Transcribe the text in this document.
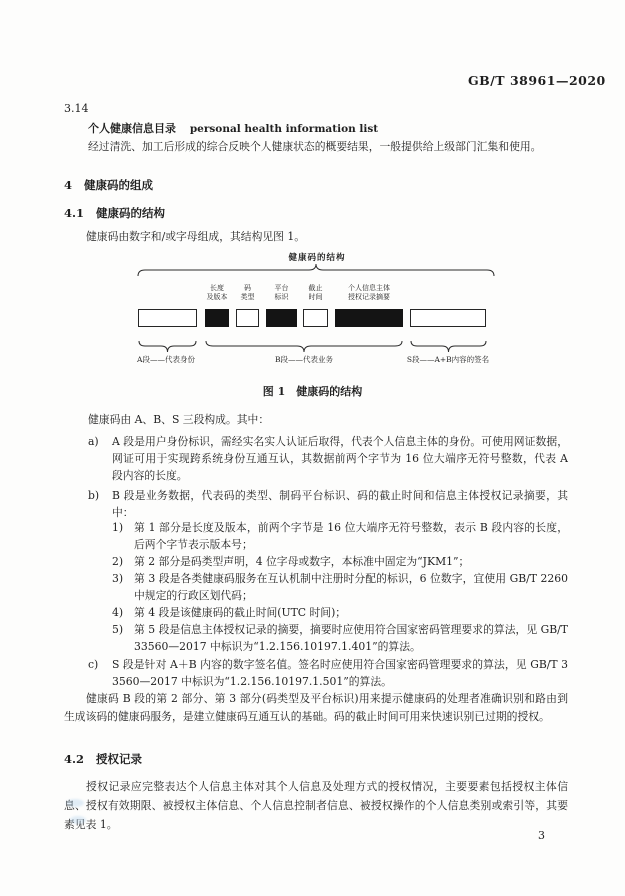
GB/T 38961—2020
3.14
个人健康信息目录 personal health information list
经过清洗、加工后形成的综合反映个人健康状态的概要结果，一般提供给上级部门汇集和使用。
4 健康码的组成
4.1 健康码的结构
健康码由数字和/或字母组成，其结构见图 1。
健康码的结构
长度
及版本
码
类型
平台
标识
截止
时间
个人信息主体
授权记录摘要
A段——代表身份	B段——代表业务	S段——A+B内容的签名
图 1　健康码的结构
健康码由 A、B、S 三段构成。其中：
a)	A 段是用户身份标识，需经实名实人认证后取得，代表个人信息主体的身份。可使用网证数据，网证可用于实现跨系统身份互通互认，其数据前两个字节为 16 位大端序无符号整数，代表 A 段内容的长度。
b)	B 段是业务数据，代表码的类型、制码平台标识、码的截止时间和信息主体授权记录摘要，其中：
1)	第 1 部分是长度及版本，前两个字节是 16 位大端序无符号整数，表示 B 段内容的长度，后两个字节表示版本号；
2)	第 2 部分是码类型声明，4 位字母或数字，本标准中固定为“JKM1”；
3)	第 3 段是各类健康码服务在互认机制中注册时分配的标识，6 位数字，宜使用 GB/T 2260 中规定的行政区划代码；
4)	第 4 段是该健康码的截止时间(UTC 时间)；
5)	第 5 段是信息主体授权记录的摘要，摘要时应使用符合国家密码管理要求的算法，见 GB/T 33560—2017 中标识为“1.2.156.10197.1.401”的算法。
c)	S 段是针对 A＋B 内容的数字签名值。签名时应使用符合国家密码管理要求的算法，见 GB/T 33560—2017 中标识为“1.2.156.10197.1.501”的算法。
健康码 B 段的第 2 部分、第 3 部分(码类型及平台标识)用来提示健康码的处理者准确识别和路由到生成该码的健康码服务，是建立健康码互通互认的基础。码的截止时间可用来快速识别已过期的授权。
4.2 授权记录
授权记录应完整表达个人信息主体对其个人信息及处理方式的授权情况，主要要素包括授权主体信息、授权有效期限、被授权主体信息、个人信息控制者信息、被授权操作的个人信息类别或索引等，其要素见表 1。
3
